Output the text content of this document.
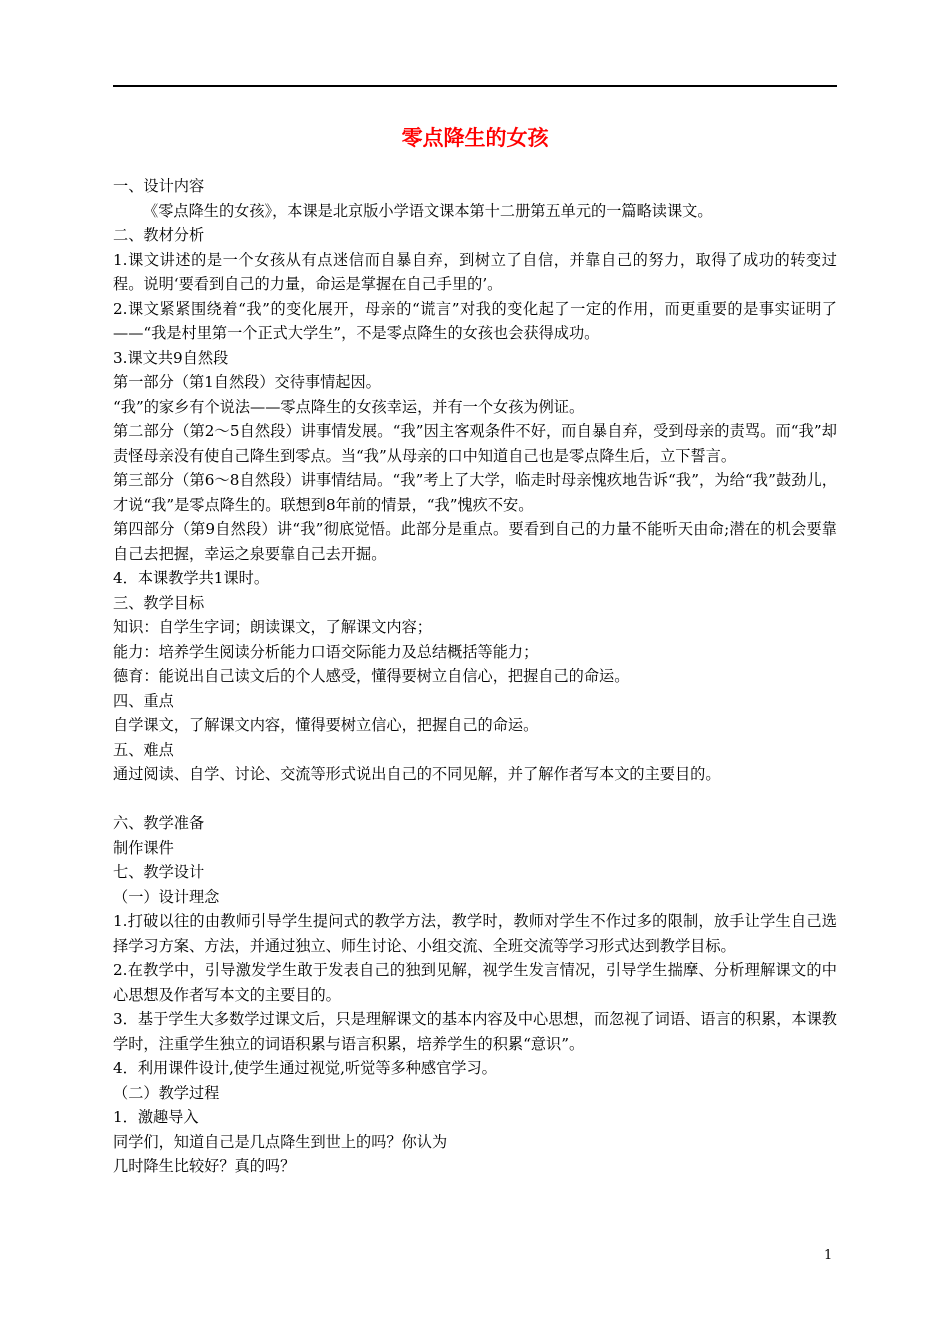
零点降生的女孩

一、设计内容

《零点降生的女孩》，本课是北京版小学语文课本第十二册第五单元的一篇略读课文。

二、教材分析

1.课文讲述的是一个女孩从有点迷信而自暴自弃，到树立了自信，并靠自己的努力，取得了成功的转变过程。说明‘要看到自己的力量，命运是掌握在自己手里的’。

2.课文紧紧围绕着“我”的变化展开，母亲的“谎言”对我的变化起了一定的作用，而更重要的是事实证明了——“我是村里第一个正式大学生”，不是零点降生的女孩也会获得成功。

3.课文共9自然段

第一部分（第1自然段）交待事情起因。

“我”的家乡有个说法——零点降生的女孩幸运，并有一个女孩为例证。

第二部分（第2～5自然段）讲事情发展。“我”因主客观条件不好，而自暴自弃，受到母亲的责骂。而“我”却责怪母亲没有使自己降生到零点。当“我”从母亲的口中知道自己也是零点降生后，立下誓言。

第三部分（第6～8自然段）讲事情结局。“我”考上了大学，临走时母亲愧疚地告诉“我”，为给“我”鼓劲儿，才说“我”是零点降生的。联想到8年前的情景，“我”愧疚不安。

第四部分（第9自然段）讲“我”彻底觉悟。此部分是重点。要看到自己的力量不能听天由命;潜在的机会要靠自己去把握，幸运之泉要靠自己去开掘。

4．本课教学共1课时。

三、教学目标

知识：自学生字词；朗读课文，了解课文内容；

能力：培养学生阅读分析能力口语交际能力及总结概括等能力；

德育：能说出自己读文后的个人感受，懂得要树立自信心，把握自己的命运。

四、重点

自学课文，了解课文内容，懂得要树立信心，把握自己的命运。

五、难点

通过阅读、自学、讨论、交流等形式说出自己的不同见解，并了解作者写本文的主要目的。

六、教学准备

制作课件

七、教学设计

（一）设计理念

1.打破以往的由教师引导学生提问式的教学方法，教学时，教师对学生不作过多的限制，放手让学生自己选择学习方案、方法，并通过独立、师生讨论、小组交流、全班交流等学习形式达到教学目标。

2.在教学中，引导激发学生敢于发表自己的独到见解，视学生发言情况，引导学生揣摩、分析理解课文的中心思想及作者写本文的主要目的。

3．基于学生大多数学过课文后，只是理解课文的基本内容及中心思想，而忽视了词语、语言的积累，本课教学时，注重学生独立的词语积累与语言积累，培养学生的积累“意识”。

4．利用课件设计,使学生通过视觉,听觉等多种感官学习。

（二）教学过程

1．激趣导入

同学们，知道自己是几点降生到世上的吗？你认为

几时降生比较好？真的吗？

1
